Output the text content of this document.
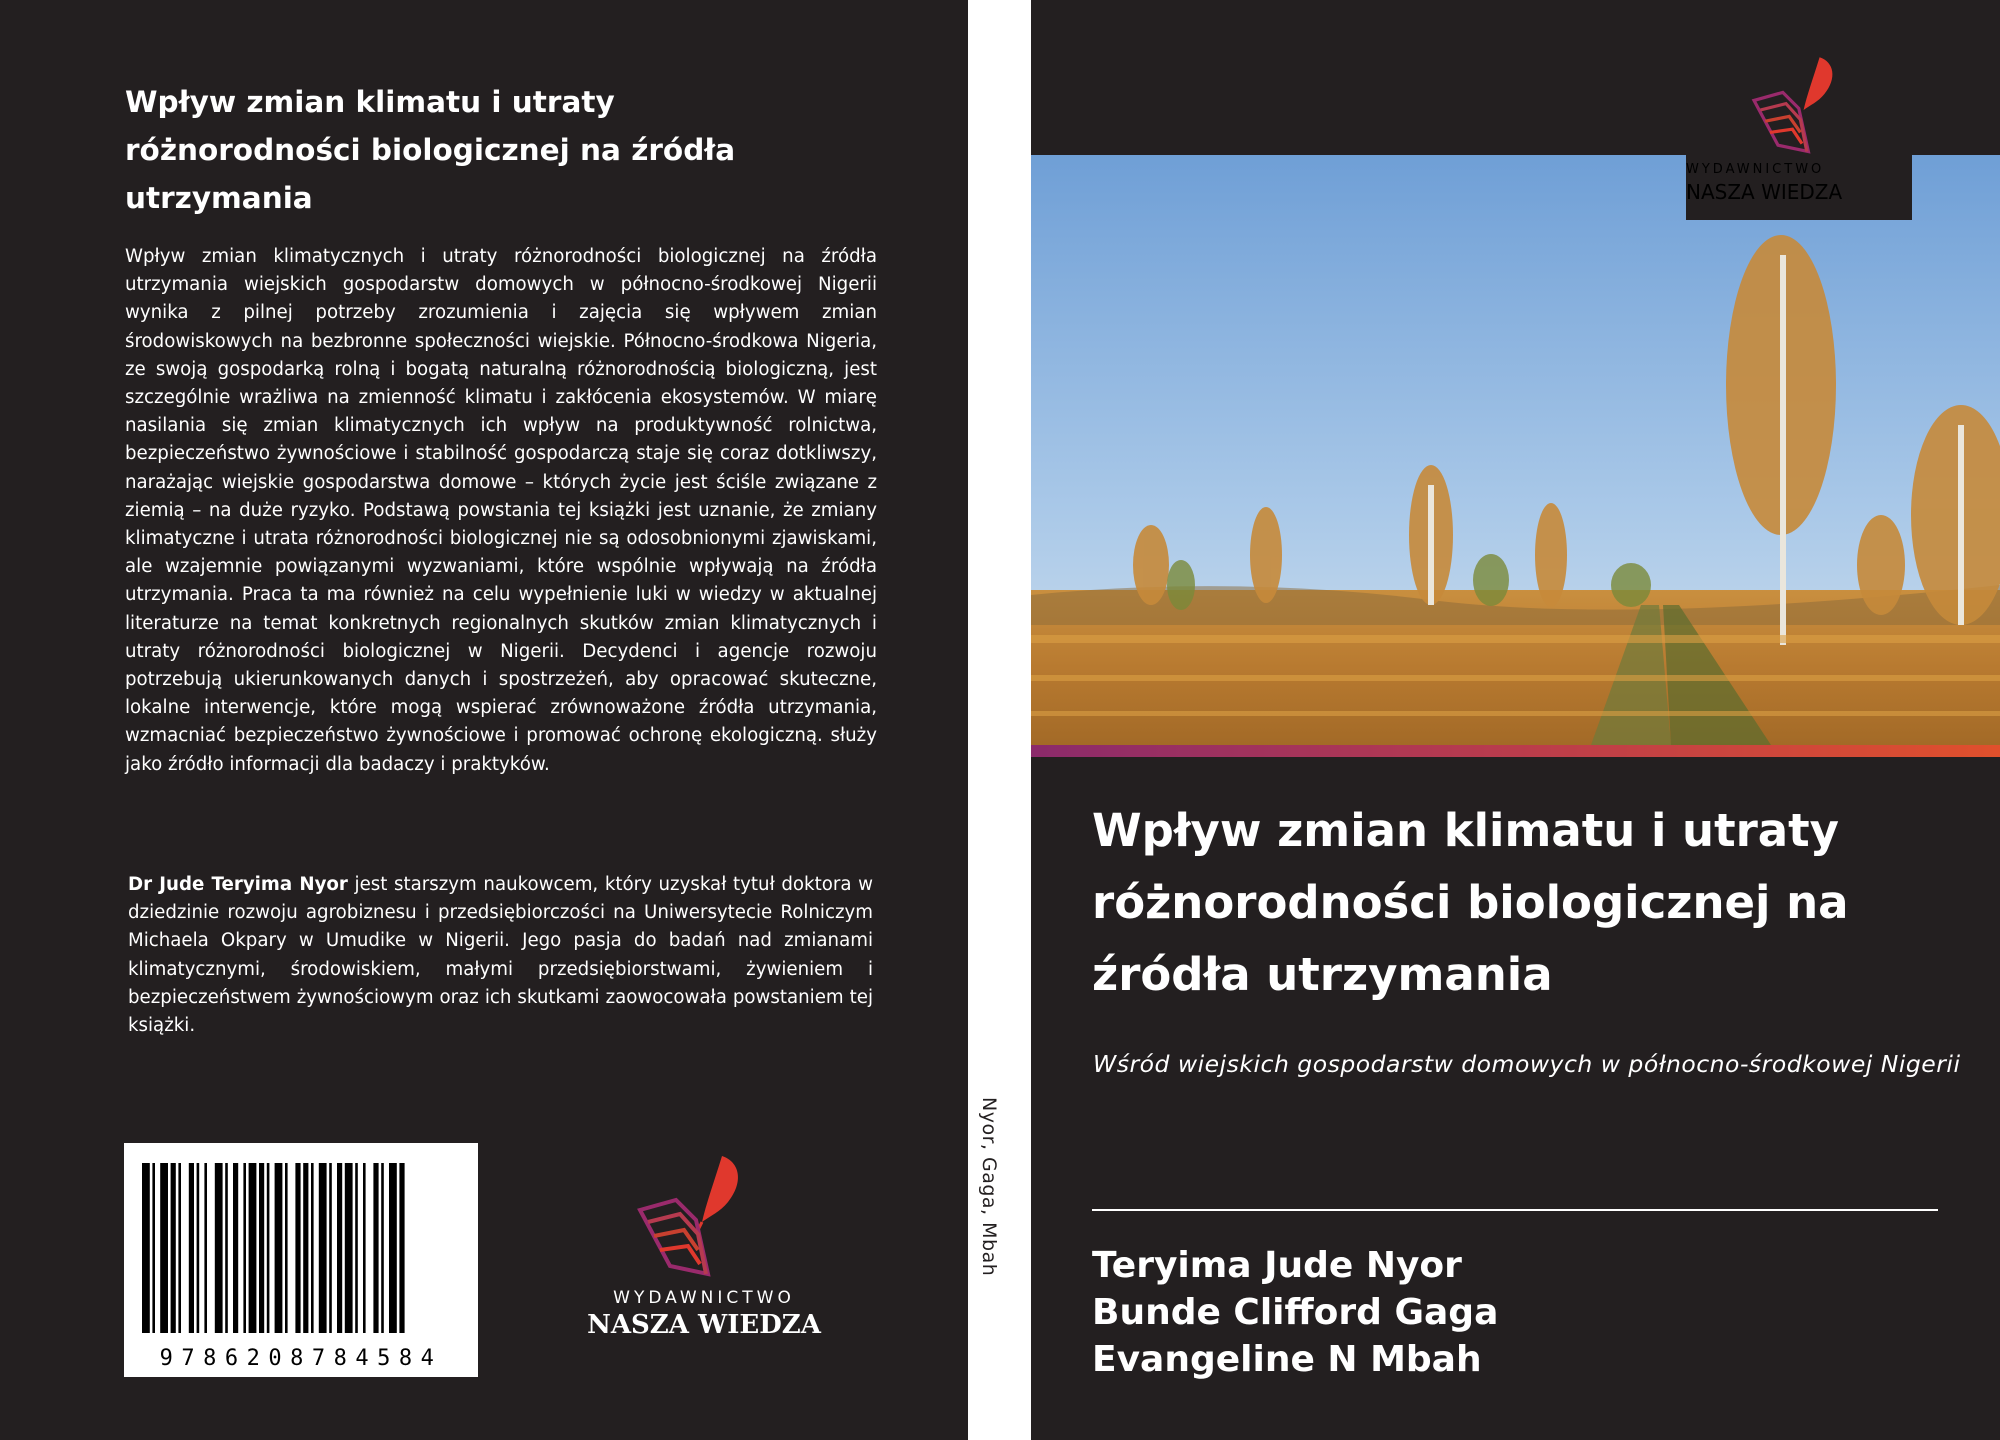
Wpływ zmian klimatu i utraty różnorodności biologicznej na źródła utrzymania

Wpływ zmian klimatycznych i utraty różnorodności biologicznej na źródła utrzymania wiejskich gospodarstw domowych w północno-środkowej Nigerii wynika z pilnej potrzeby zrozumienia i zajęcia się wpływem zmian środowiskowych na bezbronne społeczności wiejskie. Północno-środkowa Nigeria, ze swoją gospodarką rolną i bogatą naturalną różnorodnością biologiczną, jest szczególnie wrażliwa na zmienność klimatu i zakłócenia ekosystemów. W miarę nasilania się zmian klimatycznych ich wpływ na produktywność rolnictwa, bezpieczeństwo żywnościowe i stabilność gospodarczą staje się coraz dotkliwszy, narażając wiejskie gospodarstwa domowe – których życie jest ściśle związane z ziemią – na duże ryzyko. Podstawą powstania tej książki jest uznanie, że zmiany klimatyczne i utrata różnorodności biologicznej nie są odosobnionymi zjawiskami, ale wzajemnie powiązanymi wyzwaniami, które wspólnie wpływają na źródła utrzymania. Praca ta ma również na celu wypełnienie luki w wiedzy w aktualnej literaturze na temat konkretnych regionalnych skutków zmian klimatycznych i utraty różnorodności biologicznej w Nigerii. Decydenci i agencje rozwoju potrzebują ukierunkowanych danych i spostrzeżeń, aby opracować skuteczne, lokalne interwencje, które mogą wspierać zrównoważone źródła utrzymania, wzmacniać bezpieczeństwo żywnościowe i promować ochronę ekologiczną. służy jako źródło informacji dla badaczy i praktyków.

Dr Jude Teryima Nyor jest starszym naukowcem, który uzyskał tytuł doktora w dziedzinie rozwoju agrobiznesu i przedsiębiorczości na Uniwersytecie Rolniczym Michaela Okpary w Umudike w Nigerii. Jego pasja do badań nad zmianami klimatycznymi, środowiskiem, małymi przedsiębiorstwami, żywieniem i bezpieczeństwem żywnościowym oraz ich skutkami zaowocowała powstaniem tej książki.

9786208784584
WYDAWNICTWO
NASZA WIEDZA
Nyor, Gaga, Mbah
WYDAWNICTWO
NASZA WIEDZA
Wpływ zmian klimatu i utraty różnorodności biologicznej na źródła utrzymania

Wśród wiejskich gospodarstw domowych w północno-środkowej Nigerii

Teryima Jude Nyor
Bunde Clifford Gaga
Evangeline N Mbah
